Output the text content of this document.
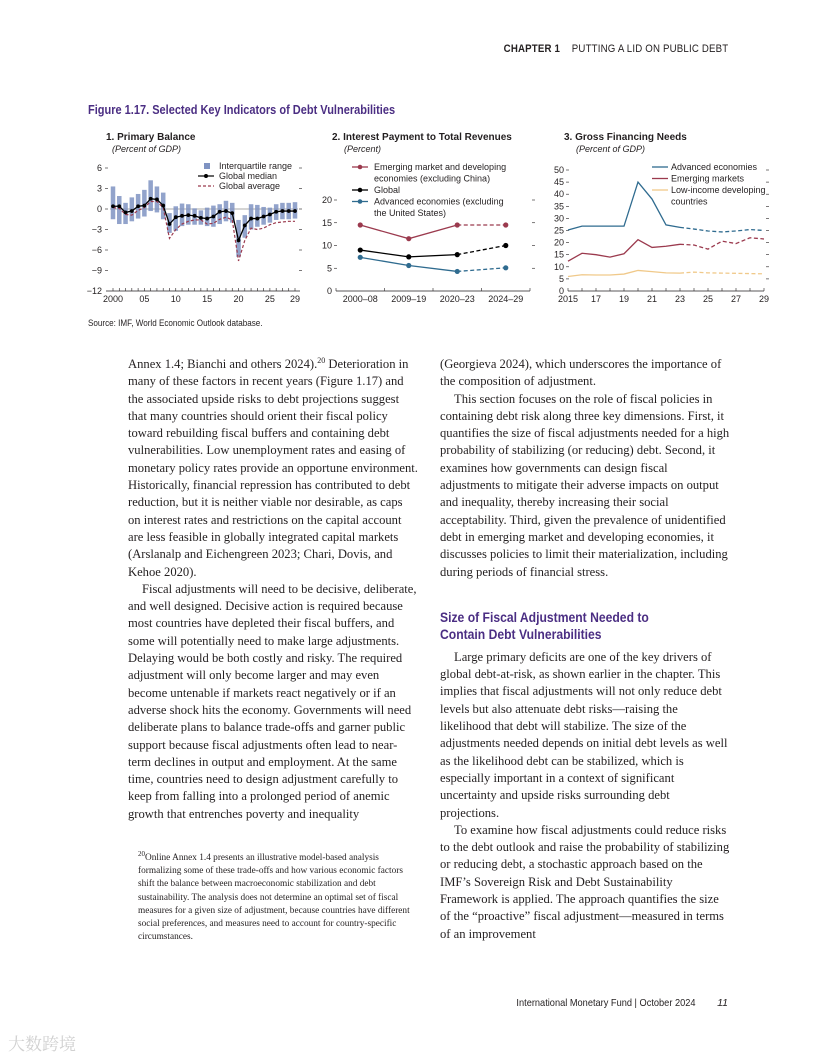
CHAPTER 1 PUTTING A LID ON PUBLIC DEBT
Figure 1.17. Selected Key Indicators of Debt Vulnerabilities
1. Primary Balance
(Percent of GDP)
6
3
0
−3
−6
−9
−12
2000 05 10 15 20 25 29
Interquartile range
Global median
Global average
2. Interest Payment to Total Revenues
(Percent)
0
5
10
15
20
2000–08 2009–19 2020–23 2024–29
Emerging market and developing
economies (excluding China)
Global
Advanced economies (excluding
the United States)
3. Gross Financing Needs
(Percent of GDP)
0
5
10
15
20
25
30
35
40
45
50
2015 17 19 21 23 25 27 29
Advanced economies
Emerging markets
Low-income developing
countries
Source: IMF, World Economic Outlook database.

Annex 1.4; Bianchi and others 2024).$^{20}$ Deterioration in many of these factors in recent years (Figure 1.17) and the associated upside risks to debt projections suggest that many countries should orient their fiscal policy toward rebuilding fiscal buffers and containing debt vulnerabilities. Low unemployment rates and easing of monetary policy rates provide an opportune environment. Historically, financial repression has contributed to debt reduction, but it is neither viable nor desirable, as caps on interest rates and restrictions on the capital account are less feasible in globally integrated capital markets (Arslanalp and Eichengreen 2023; Chari, Dovis, and Kehoe 2020).

Fiscal adjustments will need to be decisive, deliberate, and well designed. Decisive action is required because most countries have depleted their fiscal buffers, and some will potentially need to make large adjustments. Delaying would be both costly and risky. The required adjustment will only become larger and may even become untenable if markets react negatively or if an adverse shock hits the economy. Governments will need deliberate plans to balance trade-offs and garner public support because fiscal adjustments often lead to near-term declines in output and employment. At the same time, countries need to design adjustment carefully to keep from falling into a prolonged period of anemic growth that entrenches poverty and inequality

(Georgieva 2024), which underscores the importance of the composition of adjustment.

This section focuses on the role of fiscal policies in containing debt risk along three key dimensions. First, it quantifies the size of fiscal adjustments needed for a high probability of stabilizing (or reducing) debt. Second, it examines how governments can design fiscal adjustments to mitigate their adverse impacts on output and inequality, thereby increasing their social acceptability. Third, given the prevalence of unidentified debt in emerging market and developing economies, it discusses policies to limit their materialization, including during periods of financial stress.

Size of Fiscal Adjustment Needed to
Contain Debt Vulnerabilities

Large primary deficits are one of the key drivers of global debt-at-risk, as shown earlier in the chapter. This implies that fiscal adjustments will not only reduce debt levels but also attenuate debt risks—raising the likelihood that debt will stabilize. The size of the adjustments needed depends on initial debt levels as well as the likelihood debt can be stabilized, which is especially important in a context of significant uncertainty and upside risks surrounding debt projections.

To examine how fiscal adjustments could reduce risks to the debt outlook and raise the probability of stabilizing or reducing debt, a stochastic approach based on the IMF’s Sovereign Risk and Debt Sustainability Framework is applied. The approach quantifies the size of the “proactive” fiscal adjustment—measured in terms of an improvement

$^{20}$Online Annex 1.4 presents an illustrative model-based analysis formalizing some of these trade-offs and how various economic factors shift the balance between macroeconomic stabilization and debt sustainability. The analysis does not determine an optimal set of fiscal measures for a given size of adjustment, because countries have different social preferences, and measures need to account for country-specific circumstances.
International Monetary Fund | October 2024 11
大数跨境
